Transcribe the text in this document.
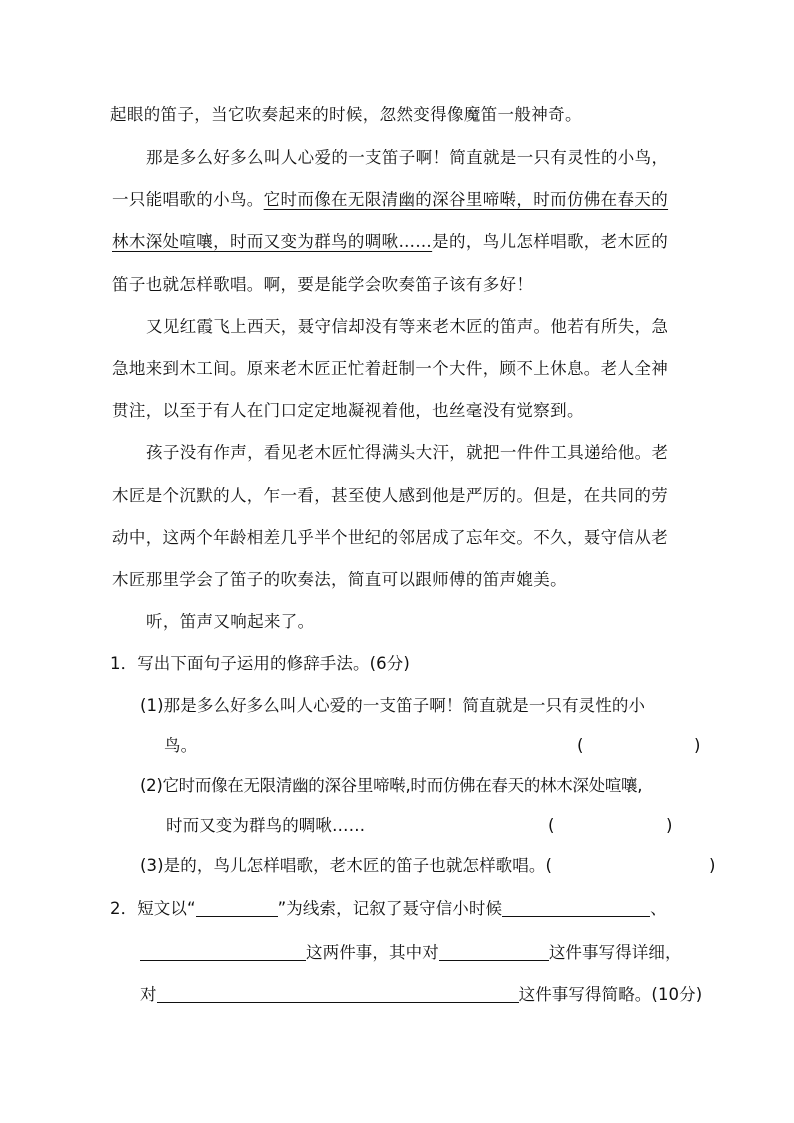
起眼的笛子，当它吹奏起来的时候，忽然变得像魔笛一般神奇。
那是多么好多么叫人心爱的一支笛子啊！简直就是一只有灵性的小鸟，
一只能唱歌的小鸟。它时而像在无限清幽的深谷里啼啭，时而仿佛在春天的
林木深处喧嚷，时而又变为群鸟的啁啾……是的，鸟儿怎样唱歌，老木匠的
笛子也就怎样歌唱。啊，要是能学会吹奏笛子该有多好！
又见红霞飞上西天，聂守信却没有等来老木匠的笛声。他若有所失，急
急地来到木工间。原来老木匠正忙着赶制一个大件，顾不上休息。老人全神
贯注，以至于有人在门口定定地凝视着他，也丝毫没有觉察到。
孩子没有作声，看见老木匠忙得满头大汗，就把一件件工具递给他。老
木匠是个沉默的人，乍一看，甚至使人感到他是严厉的。但是，在共同的劳
动中，这两个年龄相差几乎半个世纪的邻居成了忘年交。不久，聂守信从老
木匠那里学会了笛子的吹奏法，简直可以跟师傅的笛声媲美。
听，笛声又响起来了。
1．写出下面句子运用的修辞手法。(6分)
(1)那是多么好多么叫人心爱的一支笛子啊！简直就是一只有灵性的小
鸟。	(	)
(2)它时而像在无限清幽的深谷里啼啭,时而仿佛在春天的林木深处喧嚷,
时而又变为群鸟的啁啾……	(	)
(3)是的，鸟儿怎样唱歌，老木匠的笛子也就怎样歌唱。(	)
2．短文以“	”为线索，记叙了聂守信小时候	、
这两件事，其中对	这件事写得详细，
对	这件事写得简略。(10分)
